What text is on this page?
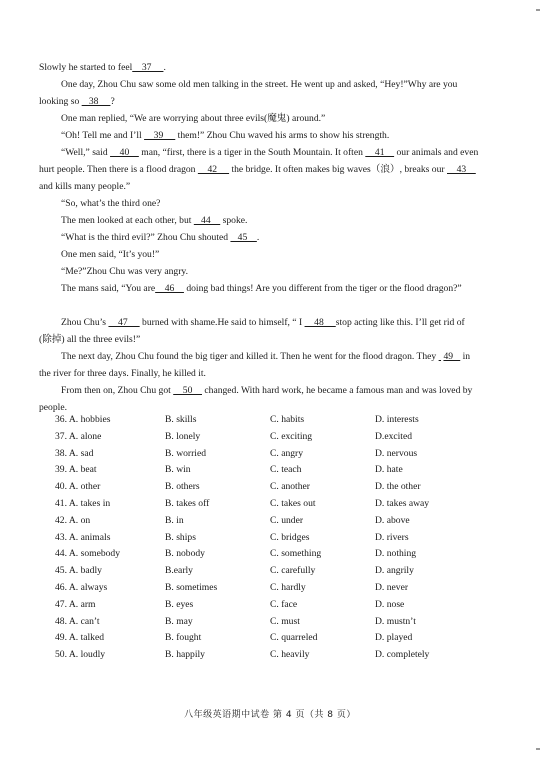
Slowly he started to feel    37     .

One day, Zhou Chu saw some old men talking in the street. He went up and asked, “Hey!”Why are you looking so    38     ?

One man replied, “We are worrying about three evils(魔鬼) around.”

“Oh! Tell me and I’ll     39      them!” Zhou Chu waved his arms to show his strength.

“Well,” said     40     man, “first, there is a tiger in the South Mountain. It often     41     our animals and even hurt people. Then there is a flood dragon     42      the bridge. It often makes big waves（浪）, breaks our     43     and kills many people.”

“So, what’s the third one?

The men looked at each other, but    44     spoke.

“What is the third evil?” Zhou Chu shouted    45    .

One men said, “It’s you!”

“Me?”Zhou Chu was very angry.

The mans said, “You are    46     doing bad things! Are you different from the tiger or the flood dragon?”

Zhou Chu’s     47      burned with shame.He said to himself, “ I     48     stop acting like this. I’ll get rid of (除掉) all the three evils!”

The next day, Zhou Chu found the big tiger and killed it. Then he went for the flood dragon. They   49    in the river for three days. Finally, he killed it.

From then on, Zhou Chu got     50     changed. With hard work, he became a famous man and was loved by people.

36. A. hobbies	B. skills	C. habits	D. interests
37. A. alone	B. lonely	C. exciting	D.excited
38. A. sad	B. worried	C. angry	D. nervous
39. A. beat	B. win	C. teach	D. hate
40. A. other	B. others	C. another	D. the other
41. A. takes in	B. takes off	C. takes out	D. takes away
42. A. on	B. in	C. under	D. above
43. A. animals	B. ships	C. bridges	D. rivers
44. A. somebody	B. nobody	C. something	D. nothing
45. A. badly	B.early	C. carefully	D. angrily
46. A. always	B. sometimes	C. hardly	D. never
47. A. arm	B. eyes	C. face	D. nose
48. A. can’t	B. may	C. must	D. mustn’t
49. A. talked	B. fought	C. quarreled	D. played
50. A. loudly	B. happily	C. heavily	D. completely
八年级英语期中试卷 第 4 页（共 8 页）
